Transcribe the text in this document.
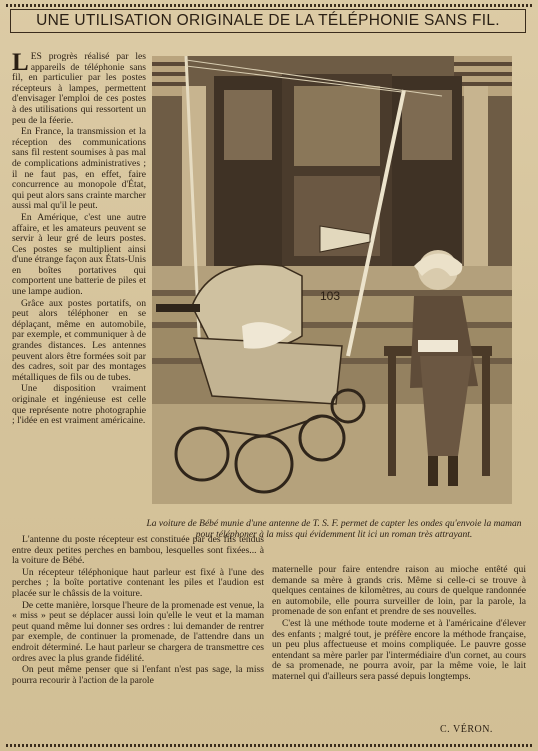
UNE UTILISATION ORIGINALE DE LA TÉLÉPHONIE SANS FIL.
L ES progrès réalisé par les appareils de téléphonie sans fil, en particulier par les postes récepteurs à lampes, permettent d'envisager l'emploi de ces postes à des utilisations qui ressortent un peu de la féerie.

En France, la transmission et la réception des communications sans fil restent soumises à pas mal de complications administratives ; il ne faut pas, en effet, faire concurrence au monopole d'État, qui peut alors sans crainte marcher aussi mal qu'il le peut.

En Amérique, c'est une autre affaire, et les amateurs peuvent se servir à leur gré de leurs postes. Ces postes se multiplient ainsi d'une étrange façon aux États-Unis en boîtes portatives qui comportent une batterie de piles et une lampe audion.

Grâce aux postes portatifs, on peut alors téléphoner en se déplaçant, même en automobile, par exemple, et communiquer à de grandes distances. Les antennes peuvent alors être formées soit par des cadres, soit par des montages métalliques de fils ou de tubes.

Une disposition vraiment originale et ingénieuse est celle que représente notre photographie ; l'idée en est vraiment américaine.

103
La voiture de Bébé munie d'une antenne de T. S. F. permet de capter les ondes qu'envoie la maman pour téléphoner à la miss qui évidemment lit ici un roman très attrayant.

L'antenne du poste récepteur est constituée par des fils tendus entre deux petites perches en bambou, lesquelles sont fixées... à la voiture de Bébé.

Un récepteur téléphonique haut parleur est fixé à l'une des perches ; la boîte portative contenant les piles et l'audion est placée sur le châssis de la voiture.

De cette manière, lorsque l'heure de la promenade est venue, la « miss » peut se déplacer aussi loin qu'elle le veut et la maman peut quand même lui donner ses ordres : lui demander de rentrer par exemple, de continuer la promenade, de l'attendre dans un endroit déterminé. Le haut parleur se chargera de transmettre ces ordres avec la plus grande fidélité.

On peut même penser que si l'enfant n'est pas sage, la miss pourra recourir à l'action de la parole

maternelle pour faire entendre raison au mioche entêté qui demande sa mère à grands cris. Même si celle-ci se trouve à quelques centaines de kilomètres, au cours de quelque randonnée en automobile, elle pourra surveiller de loin, par la parole, la promenade de son enfant et prendre de ses nouvelles.

C'est là une méthode toute moderne et à l'américaine d'élever des enfants ; malgré tout, je préfère encore la méthode française, un peu plus affectueuse et moins compliquée. Le pauvre gosse entendant sa mère parler par l'intermédiaire d'un cornet, au cours de sa promenade, ne pourra avoir, par la même voie, le lait maternel qui d'ailleurs sera passé depuis longtemps.

C. VÉRON.
